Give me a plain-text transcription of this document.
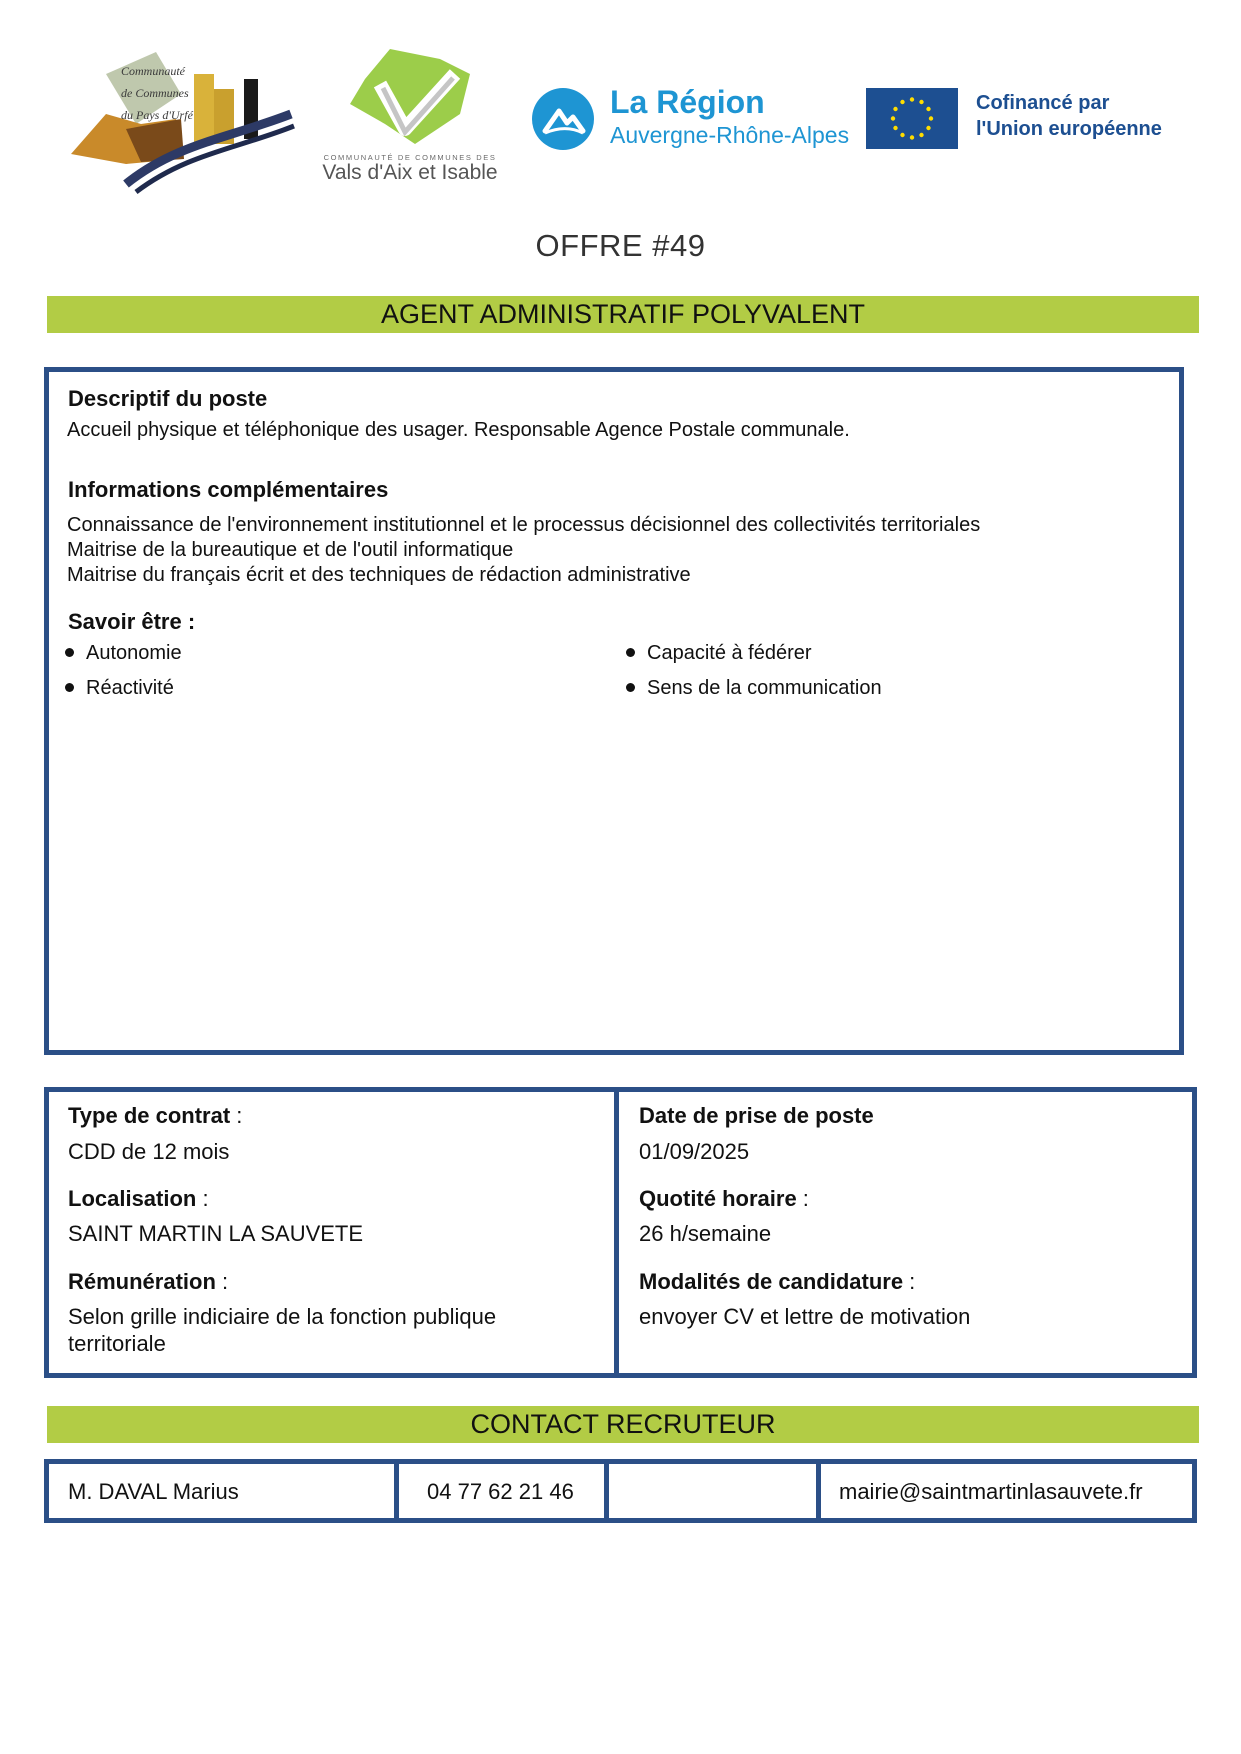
Communauté
de Communes
du Pays d'Urfé
COMMUNAUTÉ DE COMMUNES DES
Vals d'Aix et Isable
La Région
Auvergne-Rhône-Alpes
Cofinancé par
l'Union européenne
OFFRE #49
AGENT ADMINISTRATIF POLYVALENT
Descriptif du poste
Accueil physique et téléphonique des usager. Responsable Agence Postale communale.
Informations complémentaires
Connaissance de l'environnement institutionnel et le processus décisionnel des collectivités territoriales
Maitrise de la bureautique et de l'outil informatique
Maitrise du français écrit et des techniques de rédaction administrative
Savoir être :
Autonomie
Réactivité
Capacité à fédérer
Sens de la communication
Type de contrat :
CDD de 12 mois
Localisation :
SAINT MARTIN LA SAUVETE
Rémunération :
Selon grille indiciaire de la fonction publique
territoriale
Date de prise de poste
01/09/2025
Quotité horaire :
26 h/semaine
Modalités de candidature :
envoyer CV et lettre de motivation
CONTACT RECRUTEUR
M. DAVAL Marius	04 77 62 21 46	mairie@saintmartinlasauvete.fr
